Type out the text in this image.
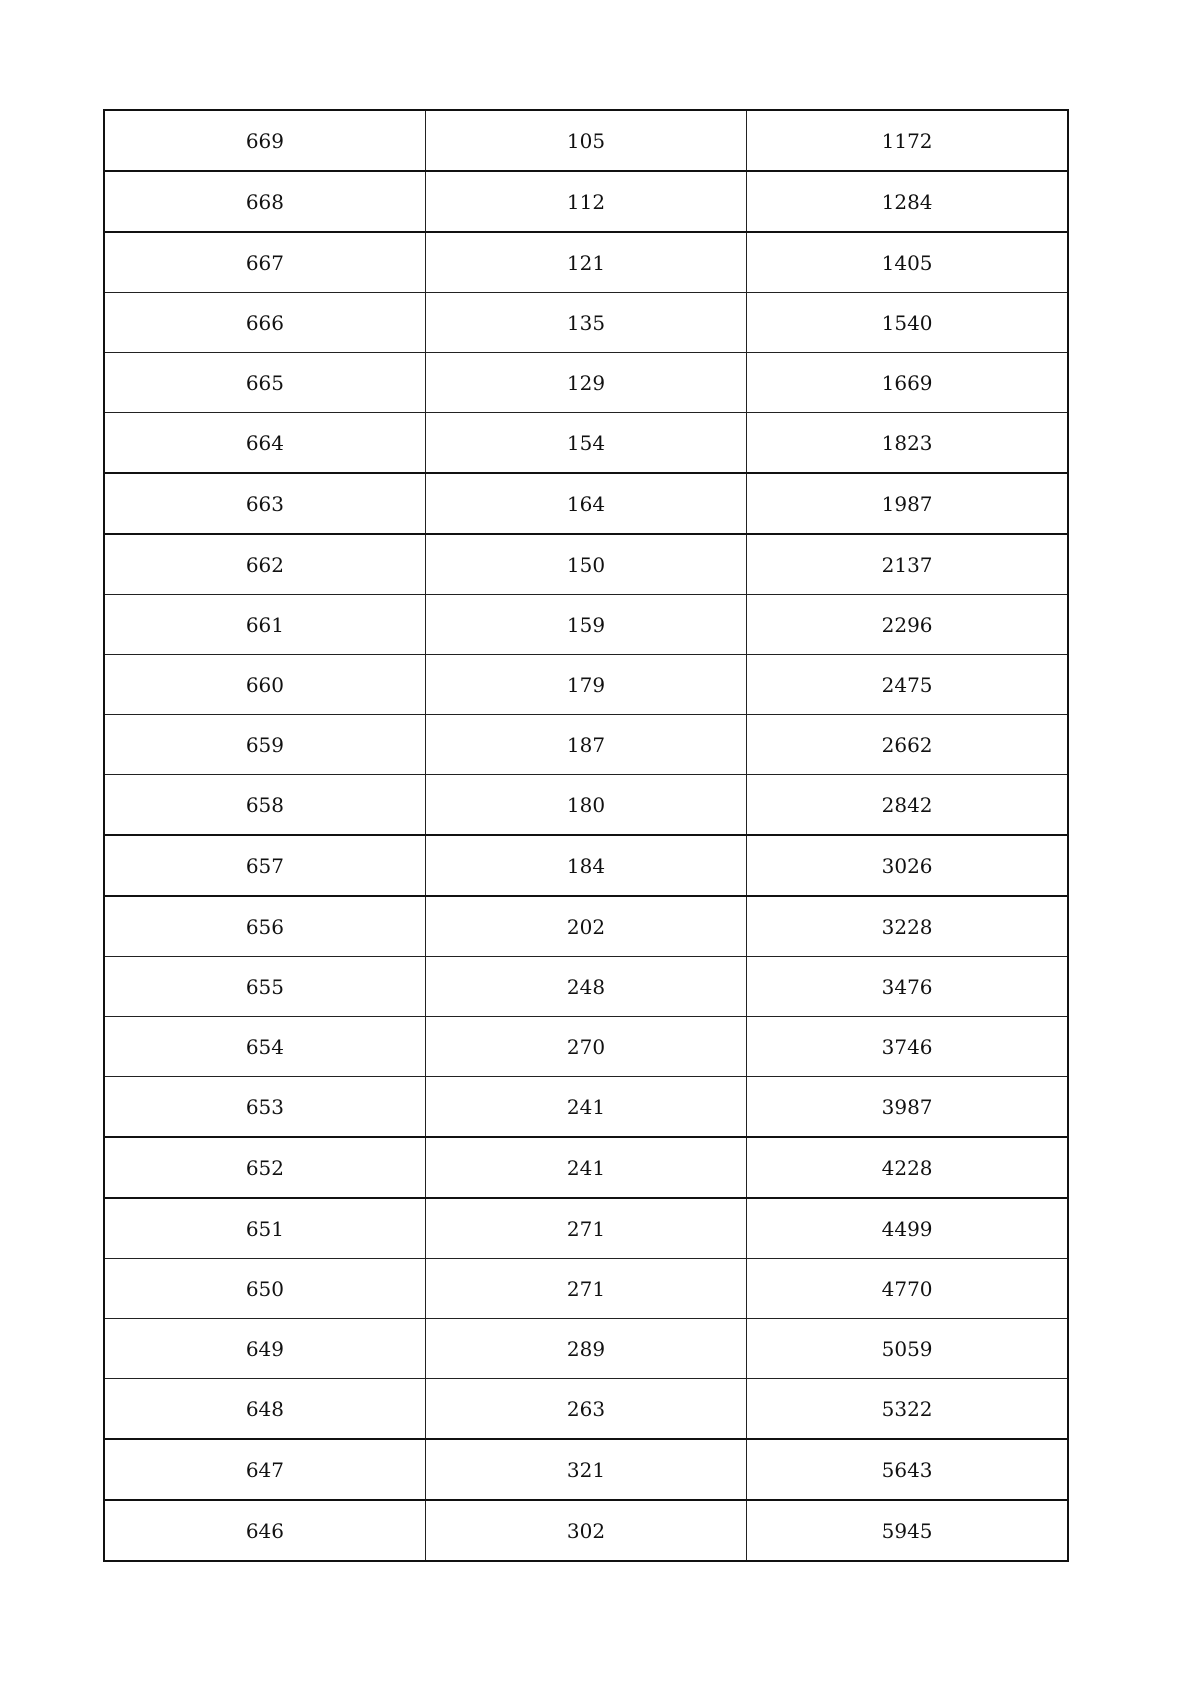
669	105	1172
668	112	1284
667	121	1405
666	135	1540
665	129	1669
664	154	1823
663	164	1987
662	150	2137
661	159	2296
660	179	2475
659	187	2662
658	180	2842
657	184	3026
656	202	3228
655	248	3476
654	270	3746
653	241	3987
652	241	4228
651	271	4499
650	271	4770
649	289	5059
648	263	5322
647	321	5643
646	302	5945
